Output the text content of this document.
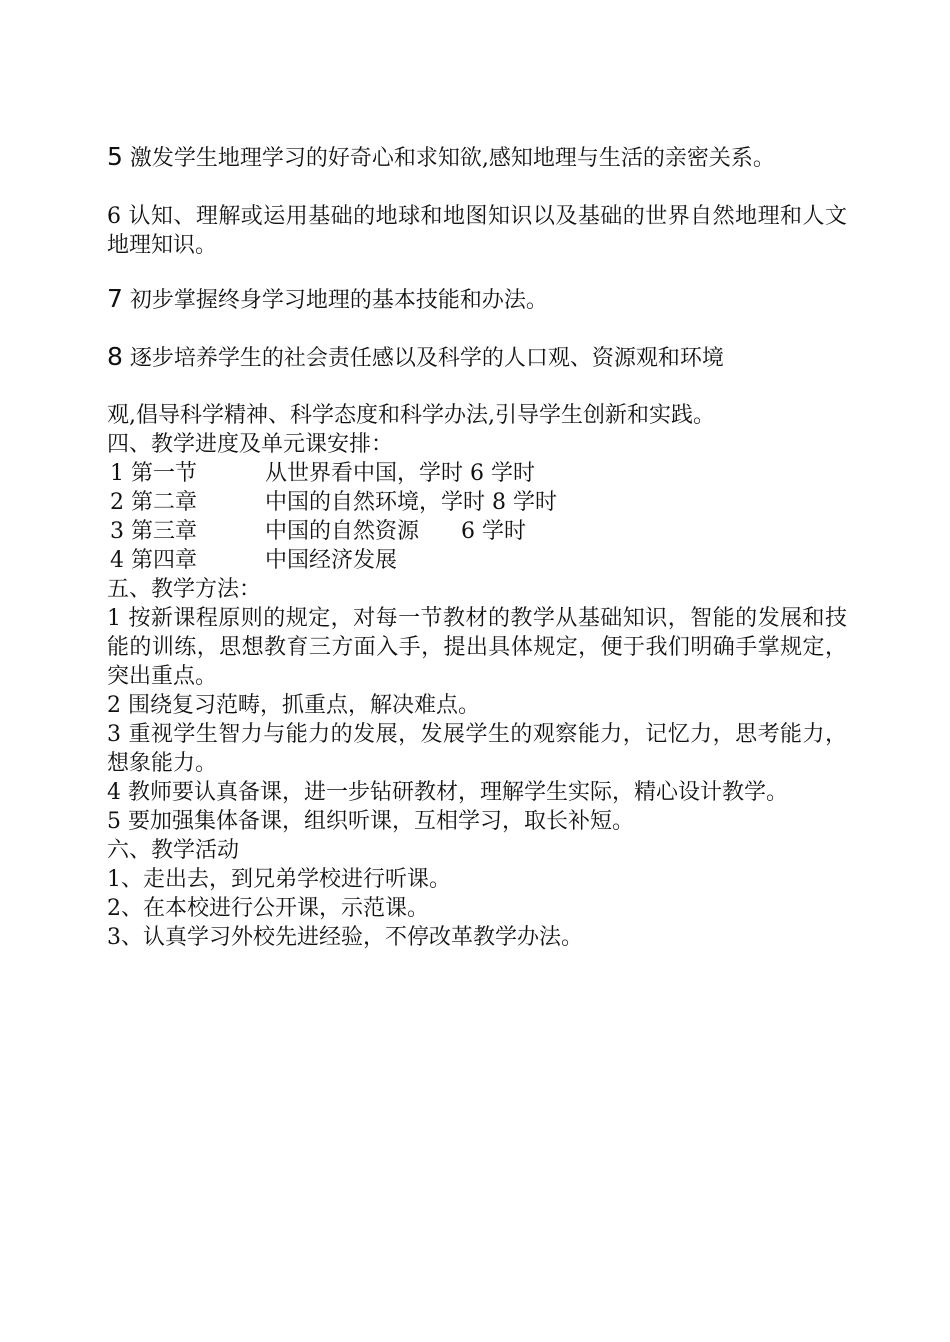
5 激发学生地理学习的好奇心和求知欲,感知地理与生活的亲密关系。

6 认知、理解或运用基础的地球和地图知识以及基础的世界自然地理和人文地理知识。

7 初步掌握终身学习地理的基本技能和办法。

8 逐步培养学生的社会责任感以及科学的人口观、资源观和环境

观,倡导科学精神、科学态度和科学办法,引导学生创新和实践。

四、教学进度及单元课安排：

1 第一节	从世界看中国，学时 6 学时

2 第二章	中国的自然环境，学时 8 学时

3 第三章	中国的自然资源      6 学时

4 第四章	中国经济发展

五、教学方法：

1 按新课程原则的规定，对每一节教材的教学从基础知识，智能的发展和技能的训练，思想教育三方面入手，提出具体规定，便于我们明确手掌规定，突出重点。

2 围绕复习范畴，抓重点，解决难点。

3 重视学生智力与能力的发展，发展学生的观察能力，记忆力，思考能力，想象能力。

4 教师要认真备课，进一步钻研教材，理解学生实际，精心设计教学。

5 要加强集体备课，组织听课，互相学习，取长补短。

六、教学活动

1、走出去，到兄弟学校进行听课。

2、在本校进行公开课，示范课。

3、认真学习外校先进经验，不停改革教学办法。
